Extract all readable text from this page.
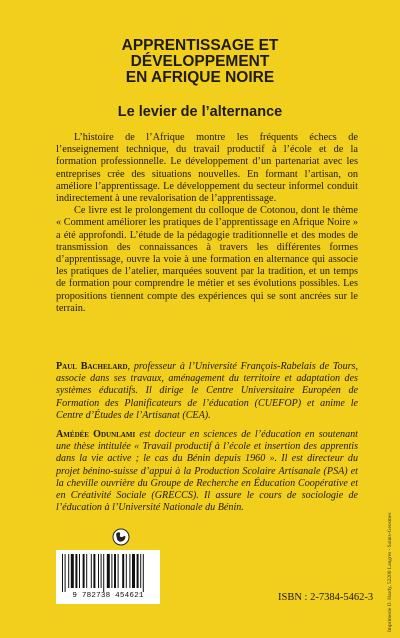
APPRENTISSAGE ET
DÉVELOPPEMENT
EN AFRIQUE NOIRE
Le levier de l’alternance

L’histoire de l’Afrique montre les fréquents échecs de l’enseignement technique, du travail productif à l’école et de la formation professionnelle. Le développement d’un partenariat avec les entreprises crée des situations nouvelles. En formant l’artisan, on améliore l’apprentissage. Le développement du secteur informel conduit indirectement à une revalorisation de l’apprentissage.

Ce livre est le prolongement du colloque de Cotonou, dont le thème « Comment améliorer les pratiques de l’apprentissage en Afrique Noire » a été approfondi. L’étude de la pédagogie traditionnelle et des modes de transmission des connaissances à travers les différentes formes d’apprentissage, ouvre la voie à une formation en alternance qui associe les pratiques de l’atelier, marquées souvent par la tradition, et un temps de formation pour comprendre le métier et ses évolutions possibles. Les propositions tiennent compte des expériences qui se sont ancrées sur le terrain.

Paul Bachelard, professeur à l’Université François-Rabelais de Tours, associe dans ses travaux, aménagement du territoire et adaptation des systèmes éducatifs. Il dirige le Centre Universitaire Européen de Formation des Planificateurs de l’éducation (CUEFOP) et anime le Centre d’Études de l’Artisanat (CEA).

Amédée Odunlami est docteur en sciences de l’éducation en soutenant une thèse intitulée « Travail productif à l’école et insertion des apprentis dans la vie active ; le cas du Bénin depuis 1960 ». Il est directeur du projet bénino-suisse d’appui à la Production Scolaire Artisanale (PSA) et la cheville ouvrière du Groupe de Recherche en Éducation Coopérative et en Créativité Sociale (GRECCS). Il assure le cours de sociologie de l’éducation à l’Université Nationale du Bénin.

9 782738 454621	ISBN : 2-7384-5462-3	Imprimerie D. Hardy, 52200 Langres - Saints-Geosmes
